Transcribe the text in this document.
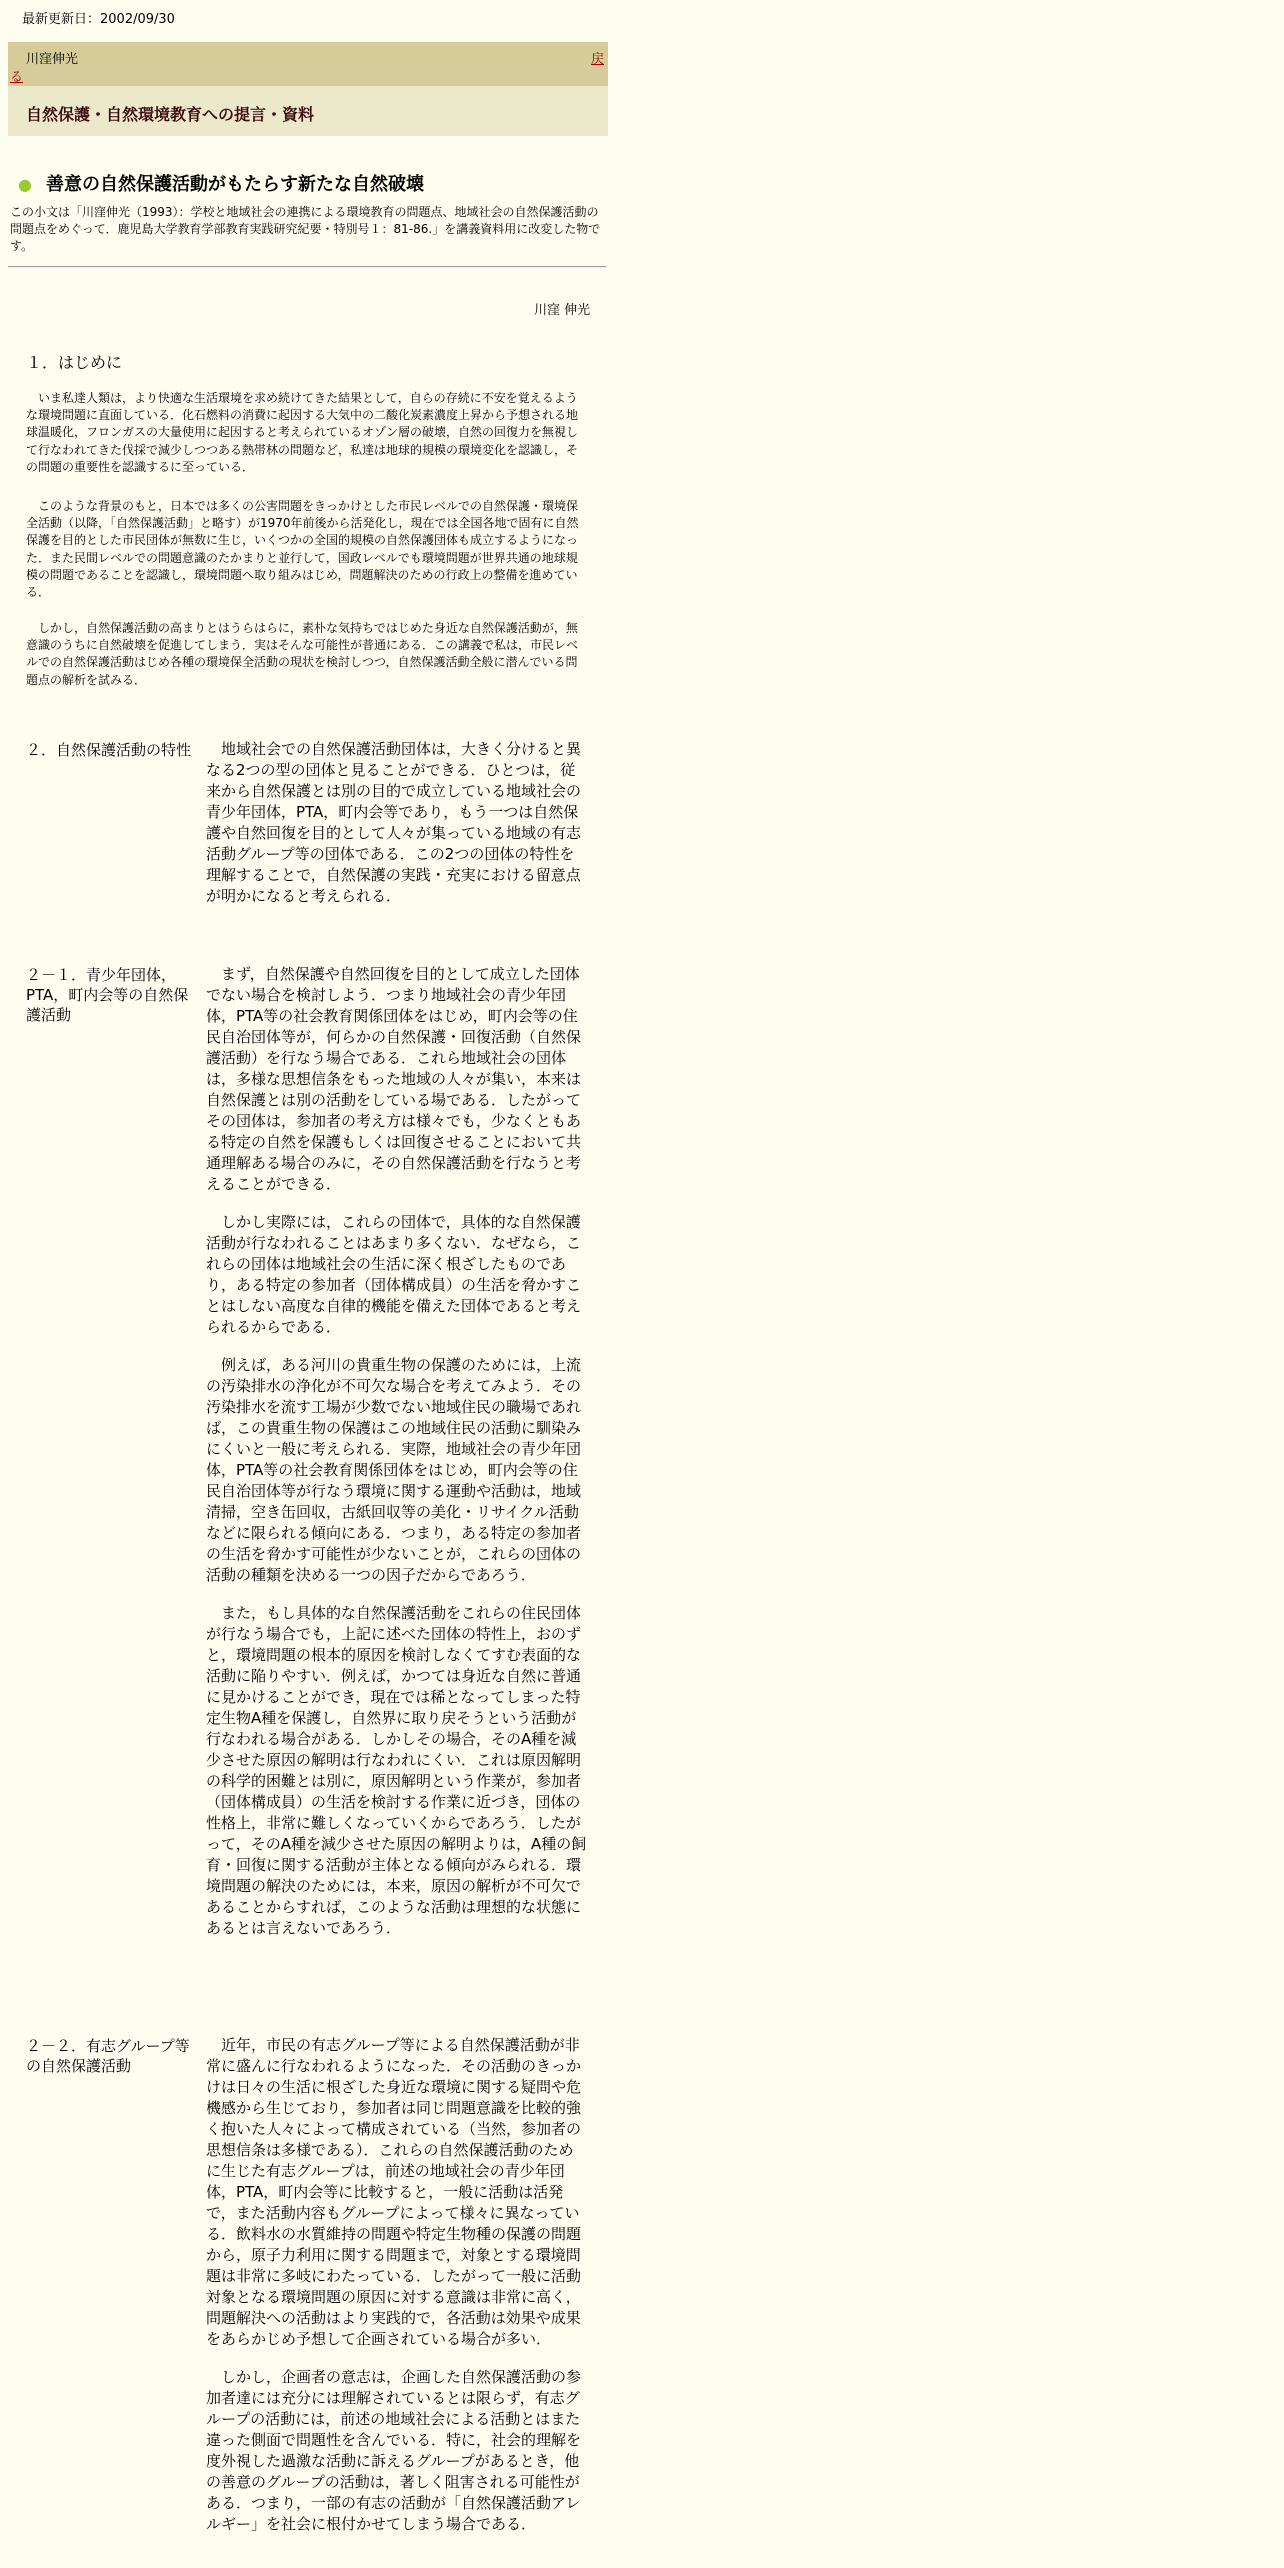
最新更新日：2002/09/30
川窪伸光	戻
る
自然保護・自然環境教育への提言・資料
● 善意の自然保護活動がもたらす新たな自然破壊
この小文は「川窪伸光（1993）：学校と地域社会の連携による環境教育の問題点、地域社会の自然保護活動の問題点をめぐって．鹿児島大学教育学部教育実践研究紀要・特別号１：81-86.」を講義資料用に改変した物です。
川窪 伸光
１．はじめに

いま私達人類は，より快適な生活環境を求め続けてきた結果として，自らの存続に不安を覚えるような環境問題に直面している．化石燃料の消費に起因する大気中の二酸化炭素濃度上昇から予想される地球温暖化，フロンガスの大量使用に起因すると考えられているオゾン層の破壊，自然の回復力を無視して行なわれてきた伐採で減少しつつある熱帯林の問題など，私達は地球的規模の環境変化を認識し，その問題の重要性を認識するに至っている．

このような背景のもと，日本では多くの公害問題をきっかけとした市民レベルでの自然保護・環境保全活動（以降，「自然保護活動」と略す）が1970年前後から活発化し，現在では全国各地で固有に自然保護を目的とした市民団体が無数に生じ，いくつかの全国的規模の自然保護団体も成立するようになった．また民間レベルでの問題意識のたかまりと並行して，国政レベルでも環境問題が世界共通の地球規模の問題であることを認識し，環境問題へ取り組みはじめ，問題解決のための行政上の整備を進めている．

しかし，自然保護活動の高まりとはうらはらに，素朴な気持ちではじめた身近な自然保護活動が，無意識のうちに自然破壊を促進してしまう．実はそんな可能性が普通にある．この講義で私は，市民レベルでの自然保護活動はじめ各種の環境保全活動の現状を検討しつつ，自然保護活動全般に潜んでいる問題点の解析を試みる．

２．自然保護活動の特性	地域社会での自然保護活動団体は，大きく分けると異なる2つの型の団体と見ることができる．ひとつは，従来から自然保護とは別の目的で成立している地域社会の青少年団体，PTA，町内会等であり，もう一つは自然保護や自然回復を目的として人々が集っている地域の有志活動グループ等の団体である．この2つの団体の特性を理解することで，自然保護の実践・充実における留意点が明かになると考えられる．

２－１．青少年団体，PTA，町内会等の自然保護活動

まず，自然保護や自然回復を目的として成立した団体でない場合を検討しよう．つまり地域社会の青少年団体，PTA等の社会教育関係団体をはじめ，町内会等の住民自治団体等が，何らかの自然保護・回復活動（自然保護活動）を行なう場合である．これら地域社会の団体は，多様な思想信条をもった地域の人々が集い，本来は自然保護とは別の活動をしている場である．したがってその団体は，参加者の考え方は様々でも，少なくともある特定の自然を保護もしくは回復させることにおいて共通理解ある場合のみに，その自然保護活動を行なうと考えることができる．

しかし実際には，これらの団体で，具体的な自然保護活動が行なわれることはあまり多くない．なぜなら，これらの団体は地域社会の生活に深く根ざしたものであり，ある特定の参加者（団体構成員）の生活を脅かすことはしない高度な自律的機能を備えた団体であると考えられるからである．

例えば，ある河川の貴重生物の保護のためには，上流の汚染排水の浄化が不可欠な場合を考えてみよう．その汚染排水を流す工場が少数でない地域住民の職場であれば，この貴重生物の保護はこの地域住民の活動に馴染みにくいと一般に考えられる．実際，地域社会の青少年団体，PTA等の社会教育関係団体をはじめ，町内会等の住民自治団体等が行なう環境に関する運動や活動は，地域清掃，空き缶回収，古紙回収等の美化・リサイクル活動などに限られる傾向にある．つまり，ある特定の参加者の生活を脅かす可能性が少ないことが，これらの団体の活動の種類を決める一つの因子だからであろう．

また，もし具体的な自然保護活動をこれらの住民団体が行なう場合でも，上記に述べた団体の特性上，おのずと，環境問題の根本的原因を検討しなくてすむ表面的な活動に陥りやすい．例えば，かつては身近な自然に普通に見かけることができ，現在では稀となってしまった特定生物A種を保護し，自然界に取り戻そうという活動が行なわれる場合がある．しかしその場合，そのA種を減少させた原因の解明は行なわれにくい．これは原因解明の科学的困難とは別に，原因解明という作業が，参加者（団体構成員）の生活を検討する作業に近づき，団体の性格上，非常に難しくなっていくからであろう．したがって，そのA種を減少させた原因の解明よりは，A種の飼育・回復に関する活動が主体となる傾向がみられる．環境問題の解決のためには，本来，原因の解析が不可欠であることからすれば，このような活動は理想的な状態にあるとは言えないであろう．

２－２．有志グループ等の自然保護活動

近年，市民の有志グループ等による自然保護活動が非常に盛んに行なわれるようになった．その活動のきっかけは日々の生活に根ざした身近な環境に関する疑問や危機感から生じており，参加者は同じ問題意識を比較的強く抱いた人々によって構成されている（当然，参加者の思想信条は多様である）．これらの自然保護活動のために生じた有志グループは，前述の地域社会の青少年団体，PTA，町内会等に比較すると，一般に活動は活発で，また活動内容もグループによって様々に異なっている．飲料水の水質維持の問題や特定生物種の保護の問題から，原子力利用に関する問題まで，対象とする環境問題は非常に多岐にわたっている．したがって一般に活動対象となる環境問題の原因に対する意識は非常に高く，問題解決への活動はより実践的で，各活動は効果や成果をあらかじめ予想して企画されている場合が多い．

しかし，企画者の意志は，企画した自然保護活動の参加者達には充分には理解されているとは限らず，有志グループの活動には，前述の地域社会による活動とはまた違った側面で問題性を含んでいる．特に，社会的理解を度外視した過激な活動に訴えるグループがあるとき，他の善意のグループの活動は，著しく阻害される可能性がある．つまり，一部の有志の活動が「自然保護活動アレルギー」を社会に根付かせてしまう場合である．
